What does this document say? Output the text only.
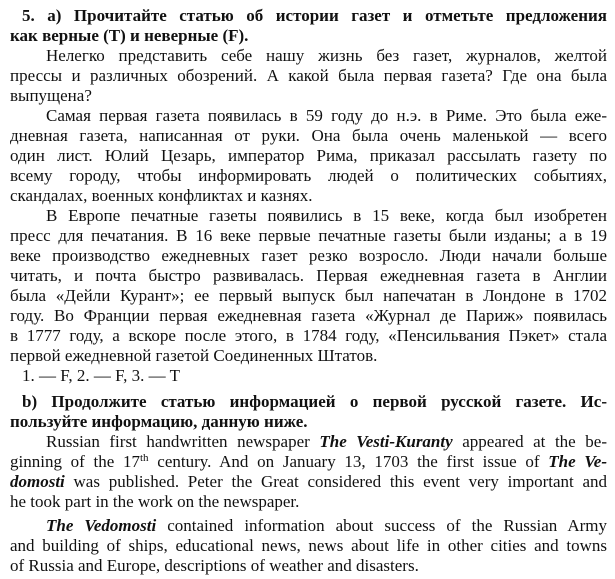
5. а) Прочитайте статью об истории газет и отметьте предложения
как верные (T) и неверные (F).
Нелегко представить себе нашу жизнь без газет, журналов, желтой
прессы и различных обозрений. А какой была первая газета? Где она была
выпущена?
Самая первая газета появилась в 59 году до н.э. в Риме. Это была еже-
дневная газета, написанная от руки. Она была очень маленькой — всего
один лист. Юлий Цезарь, император Рима, приказал рассылать газету по
всему городу, чтобы информировать людей о политических событиях,
скандалах, военных конфликтах и казнях.
В Европе печатные газеты появились в 15 веке, когда был изобретен
пресс для печатания. В 16 веке первые печатные газеты были изданы; а в 19
веке производство ежедневных газет резко возросло. Люди начали больше
читать, и почта быстро развивалась. Первая ежедневная газета в Англии
была «Дейли Курант»; ее первый выпуск был напечатан в Лондоне в 1702
году. Во Франции первая ежедневная газета «Журнал де Париж» появилась
в 1777 году, а вскоре после этого, в 1784 году, «Пенсильвания Пэкет» стала
первой ежедневной газетой Соединенных Штатов.
1. — F, 2. — F, 3. — T
b) Продолжите статью информацией о первой русской газете. Ис-
пользуйте информацию, данную ниже.
Russian first handwritten newspaper The Vesti-Kuranty appeared at the be-
ginning of the 17th century. And on January 13, 1703 the first issue of The Ve-
domosti was published. Peter the Great considered this event very important and
he took part in the work on the newspaper.
The Vedomosti contained information about success of the Russian Army
and building of ships, educational news, news about life in other cities and towns
of Russia and Europe, descriptions of weather and disasters.
